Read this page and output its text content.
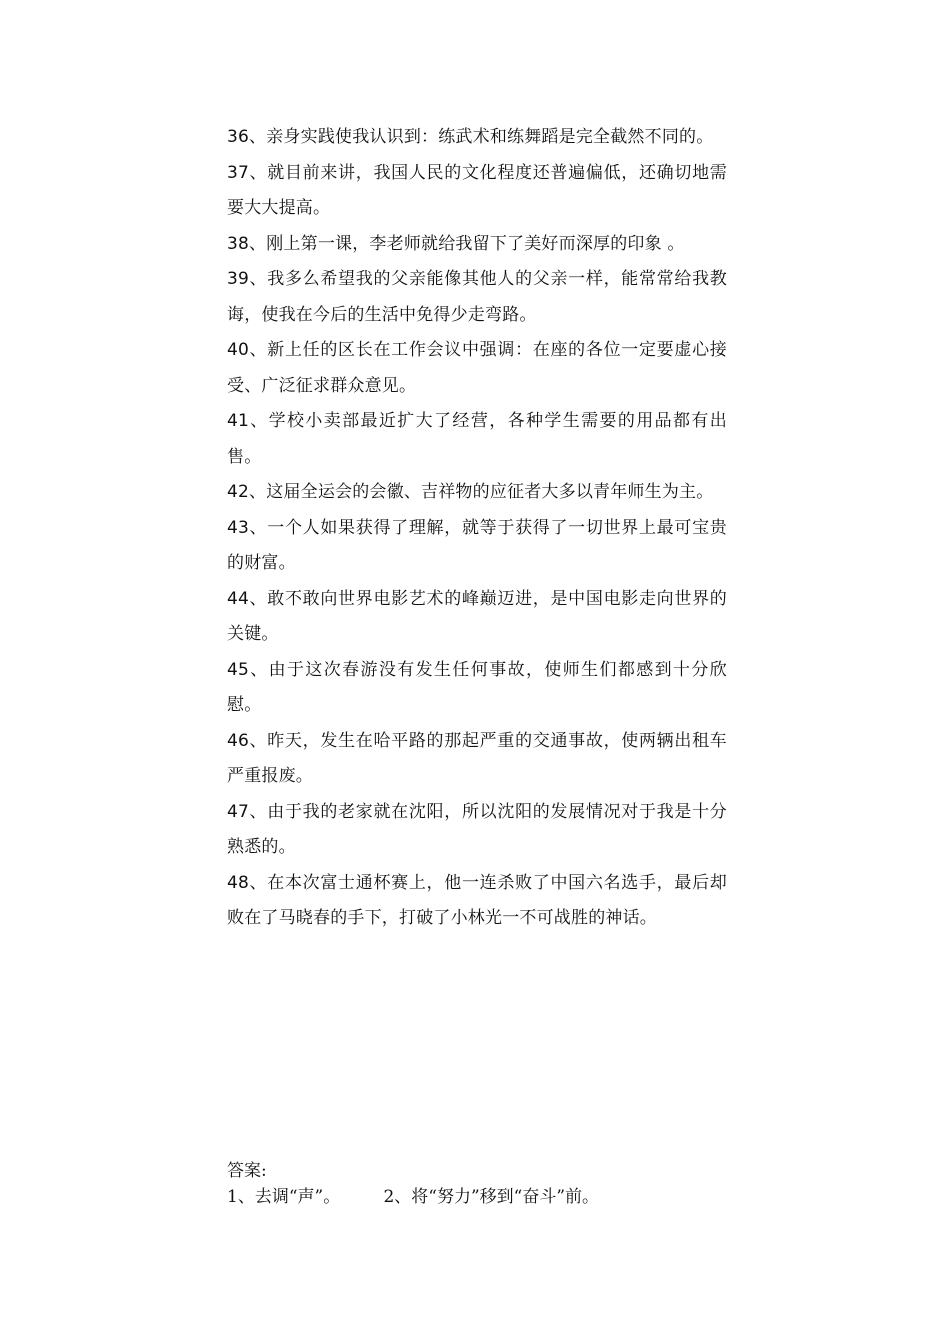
36、亲身实践使我认识到：练武术和练舞蹈是完全截然不同的。
37、就目前来讲，我国人民的文化程度还普遍偏低，还确切地需要大大提高。
38、刚上第一课，李老师就给我留下了美好而深厚的印象 。
39、我多么希望我的父亲能像其他人的父亲一样，能常常给我教诲，使我在今后的生活中免得少走弯路。
40、新上任的区长在工作会议中强调：在座的各位一定要虚心接受、广泛征求群众意见。
41、学校小卖部最近扩大了经营，各种学生需要的用品都有出售。
42、这届全运会的会徽、吉祥物的应征者大多以青年师生为主。
43、一个人如果获得了理解，就等于获得了一切世界上最可宝贵的财富。
44、敢不敢向世界电影艺术的峰巅迈进，是中国电影走向世界的关键。
45、由于这次春游没有发生任何事故，使师生们都感到十分欣慰。
46、昨天，发生在哈平路的那起严重的交通事故，使两辆出租车严重报废。
47、由于我的老家就在沈阳，所以沈阳的发展情况对于我是十分熟悉的。
48、在本次富士通杯赛上，他一连杀败了中国六名选手，最后却败在了马晓春的手下，打破了小林光一不可战胜的神话。
答案:
1、去调“声”。	2、将“努力”移到“奋斗”前。
